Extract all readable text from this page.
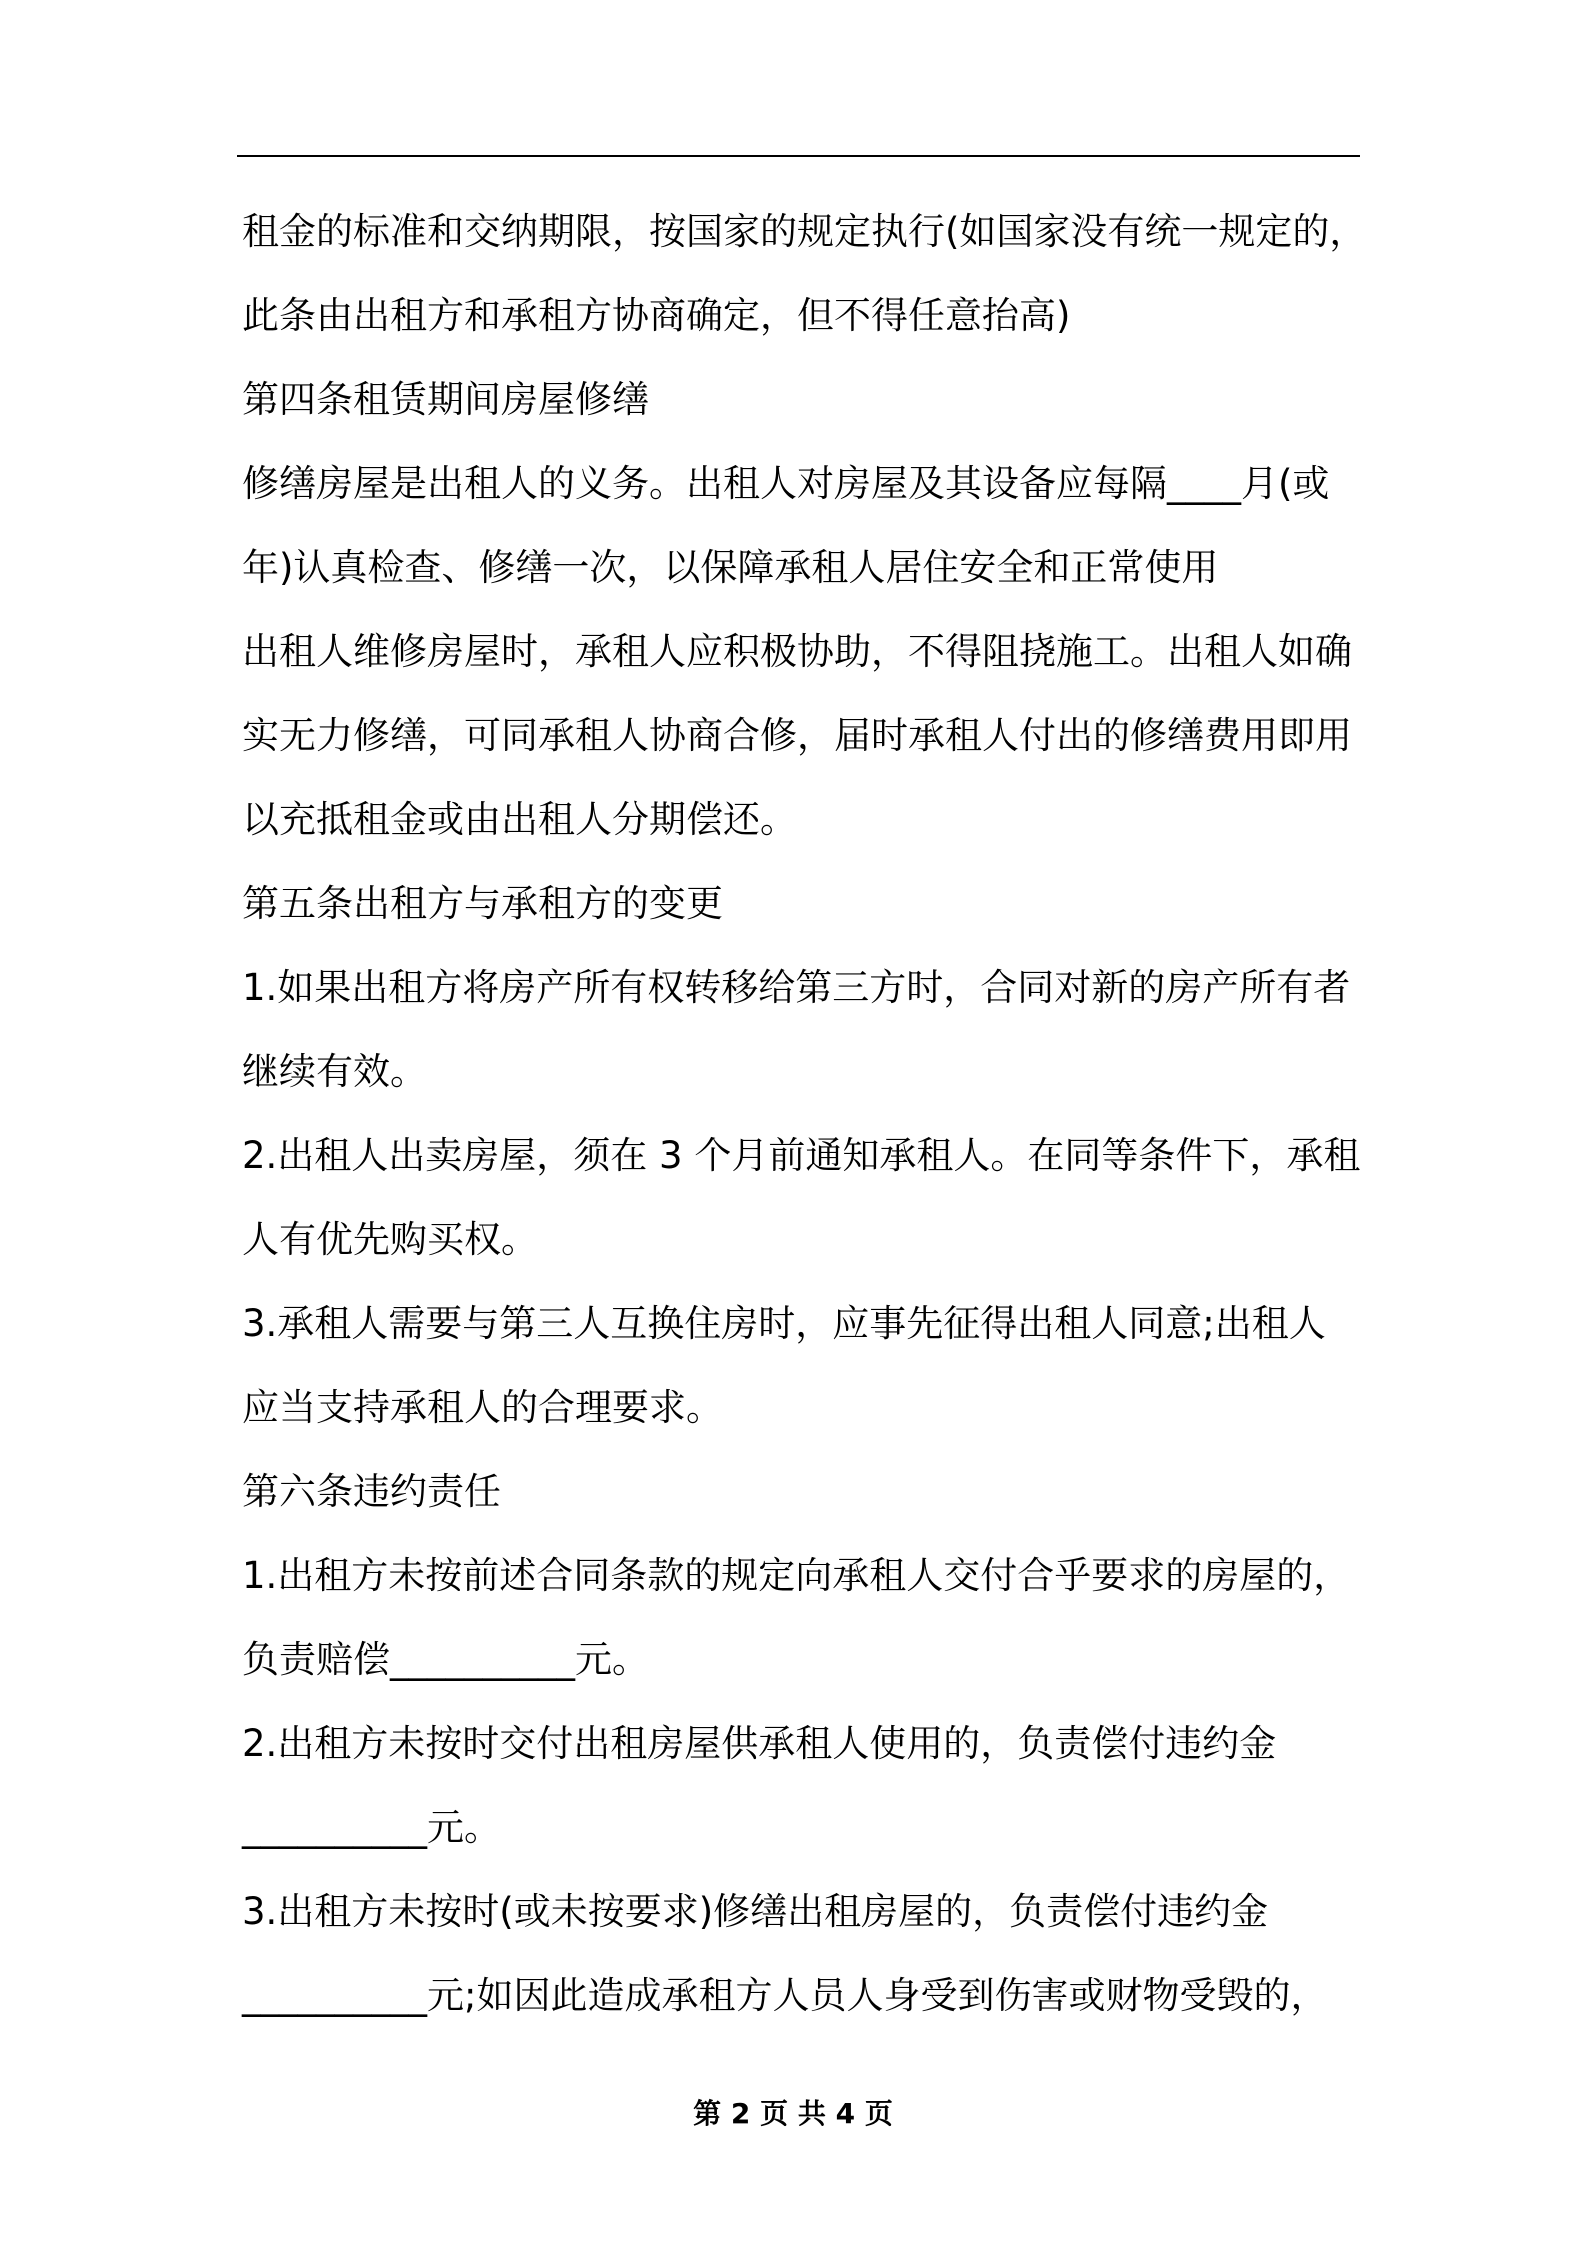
租金的标准和交纳期限，按国家的规定执行(如国家没有统一规定的，
此条由出租方和承租方协商确定，但不得任意抬高)
第四条租赁期间房屋修缮
修缮房屋是出租人的义务。出租人对房屋及其设备应每隔____月(或
年)认真检查、修缮一次，以保障承租人居住安全和正常使用
出租人维修房屋时，承租人应积极协助，不得阻挠施工。出租人如确
实无力修缮，可同承租人协商合修，届时承租人付出的修缮费用即用
以充抵租金或由出租人分期偿还。
第五条出租方与承租方的变更
1.如果出租方将房产所有权转移给第三方时，合同对新的房产所有者
继续有效。
2.出租人出卖房屋，须在 3 个月前通知承租人。在同等条件下，承租
人有优先购买权。
3.承租人需要与第三人互换住房时，应事先征得出租人同意;出租人
应当支持承租人的合理要求。
第六条违约责任
1.出租方未按前述合同条款的规定向承租人交付合乎要求的房屋的，
负责赔偿__________元。
2.出租方未按时交付出租房屋供承租人使用的，负责偿付违约金
__________元。
3.出租方未按时(或未按要求)修缮出租房屋的，负责偿付违约金
__________元;如因此造成承租方人员人身受到伤害或财物受毁的，
第 2 页 共 4 页
